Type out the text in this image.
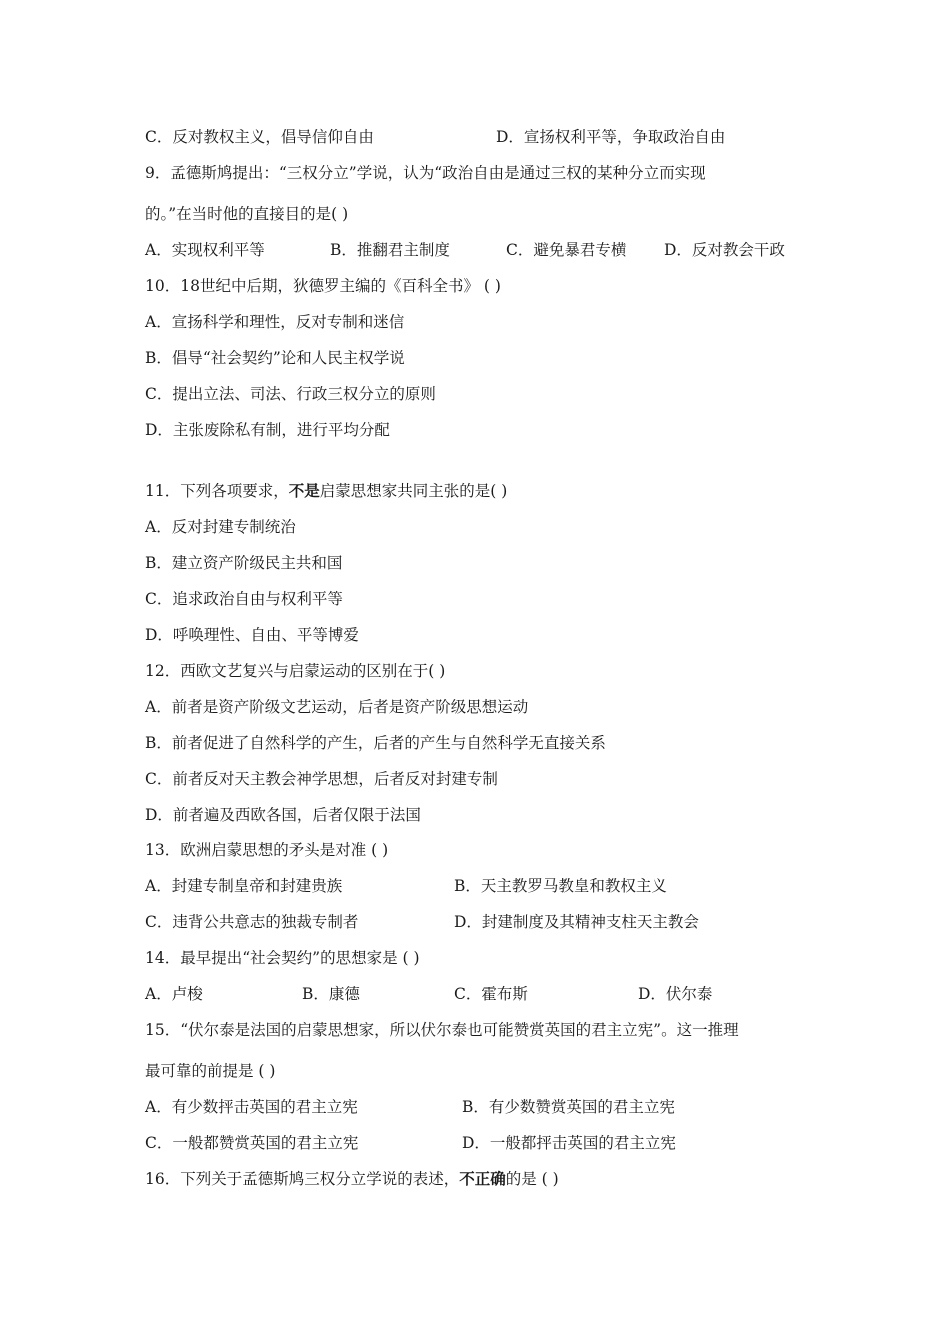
C．反对教权主义，倡导信仰自由	D．宣扬权利平等，争取政治自由
9．孟德斯鸠提出：“三权分立”学说，认为“政治自由是通过三权的某种分立而实现
的。”在当时他的直接目的是( )
A．实现权利平等	B．推翻君主制度	C．避免暴君专横 D．反对教会干政
10．18世纪中后期，狄德罗主编的《百科全书》 ( )
A．宣扬科学和理性，反对专制和迷信
B．倡导“社会契约”论和人民主权学说
C．提出立法、司法、行政三权分立的原则
D．主张废除私有制，进行平均分配
11．下列各项要求，不是启蒙思想家共同主张的是( )
A．反对封建专制统治
B．建立资产阶级民主共和国
C．追求政治自由与权利平等
D．呼唤理性、自由、平等博爱
12．西欧文艺复兴与启蒙运动的区别在于( )
A．前者是资产阶级文艺运动，后者是资产阶级思想运动
B．前者促进了自然科学的产生，后者的产生与自然科学无直接关系
C．前者反对天主教会神学思想，后者反对封建专制
D．前者遍及西欧各国，后者仅限于法国
13．欧洲启蒙思想的矛头是对准 ( )
A．封建专制皇帝和封建贵族	B．天主教罗马教皇和教权主义
C．违背公共意志的独裁专制者	D．封建制度及其精神支柱天主教会
14．最早提出“社会契约”的思想家是 ( )
A．卢梭	B．康德	C．霍布斯	D．伏尔泰
15．“伏尔泰是法国的启蒙思想家，所以伏尔泰也可能赞赏英国的君主立宪”。这一推理
最可靠的前提是 ( )
A．有少数抨击英国的君主立宪	B．有少数赞赏英国的君主立宪
C．一般都赞赏英国的君主立宪	D．一般都抨击英国的君主立宪
16．下列关于孟德斯鸠三权分立学说的表述，不正确的是 ( )
